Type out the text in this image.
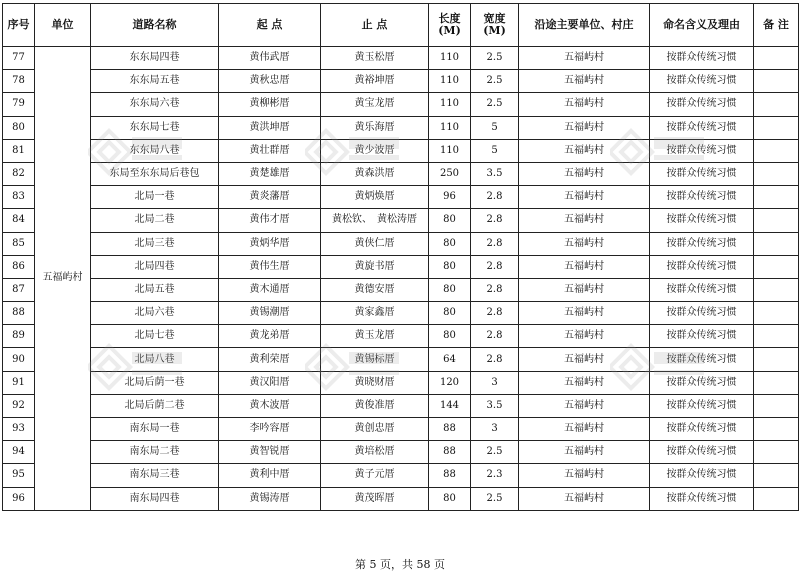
序号	单位	道路名称	起 点	止 点	长度
(M)	宽度
(M)	沿途主要单位、村庄	命名含义及理由	备 注
77	五福屿村	东东局四巷	黄伟武厝	黄玉松厝	110	2.5	五福屿村	按群众传统习惯	
78		东东局五巷	黄秋忠厝	黄裕坤厝	110	2.5	五福屿村	按群众传统习惯	
79		东东局六巷	黄柳彬厝	黄宝龙厝	110	2.5	五福屿村	按群众传统习惯	
80		东东局七巷	黄洪坤厝	黄乐海厝	110	5	五福屿村	按群众传统习惯	
81		东东局八巷	黄壮群厝	黄少波厝	110	5	五福屿村	按群众传统习惯	
82		东局至东东局后巷包	黄楚雄厝	黄森洪厝	250	3.5	五福屿村	按群众传统习惯	
83		北局一巷	黄炎藩厝	黄炳焕厝	96	2.8	五福屿村	按群众传统习惯	
84		北局二巷	黄伟才厝	黄松钦、　黄松涛厝	80	2.8	五福屿村	按群众传统习惯	
85		北局三巷	黄炳华厝	黄侠仁厝	80	2.8	五福屿村	按群众传统习惯	
86		北局四巷	黄伟生厝	黄旋书厝	80	2.8	五福屿村	按群众传统习惯	
87		北局五巷	黄木通厝	黄德安厝	80	2.8	五福屿村	按群众传统习惯	
88		北局六巷	黄锡潮厝	黄家鑫厝	80	2.8	五福屿村	按群众传统习惯	
89		北局七巷	黄龙弟厝	黄玉龙厝	80	2.8	五福屿村	按群众传统习惯	
90		北局八巷	黄利荣厝	黄锡标厝	64	2.8	五福屿村	按群众传统习惯	
91		北局后荫一巷	黄汉阳厝	黄晓财厝	120	3	五福屿村	按群众传统习惯	
92		北局后荫二巷	黄木波厝	黄俊准厝	144	3.5	五福屿村	按群众传统习惯	
93		南东局一巷	李吟容厝	黄创忠厝	88	3	五福屿村	按群众传统习惯	
94		南东局二巷	黄智锐厝	黄培松厝	88	2.5	五福屿村	按群众传统习惯	
95		南东局三巷	黄利中厝	黄子元厝	88	2.3	五福屿村	按群众传统习惯	
96		南东局四巷	黄锡涛厝	黄茂晖厝	80	2.5	五福屿村	按群众传统习惯	
第 5 页，共 58 页
